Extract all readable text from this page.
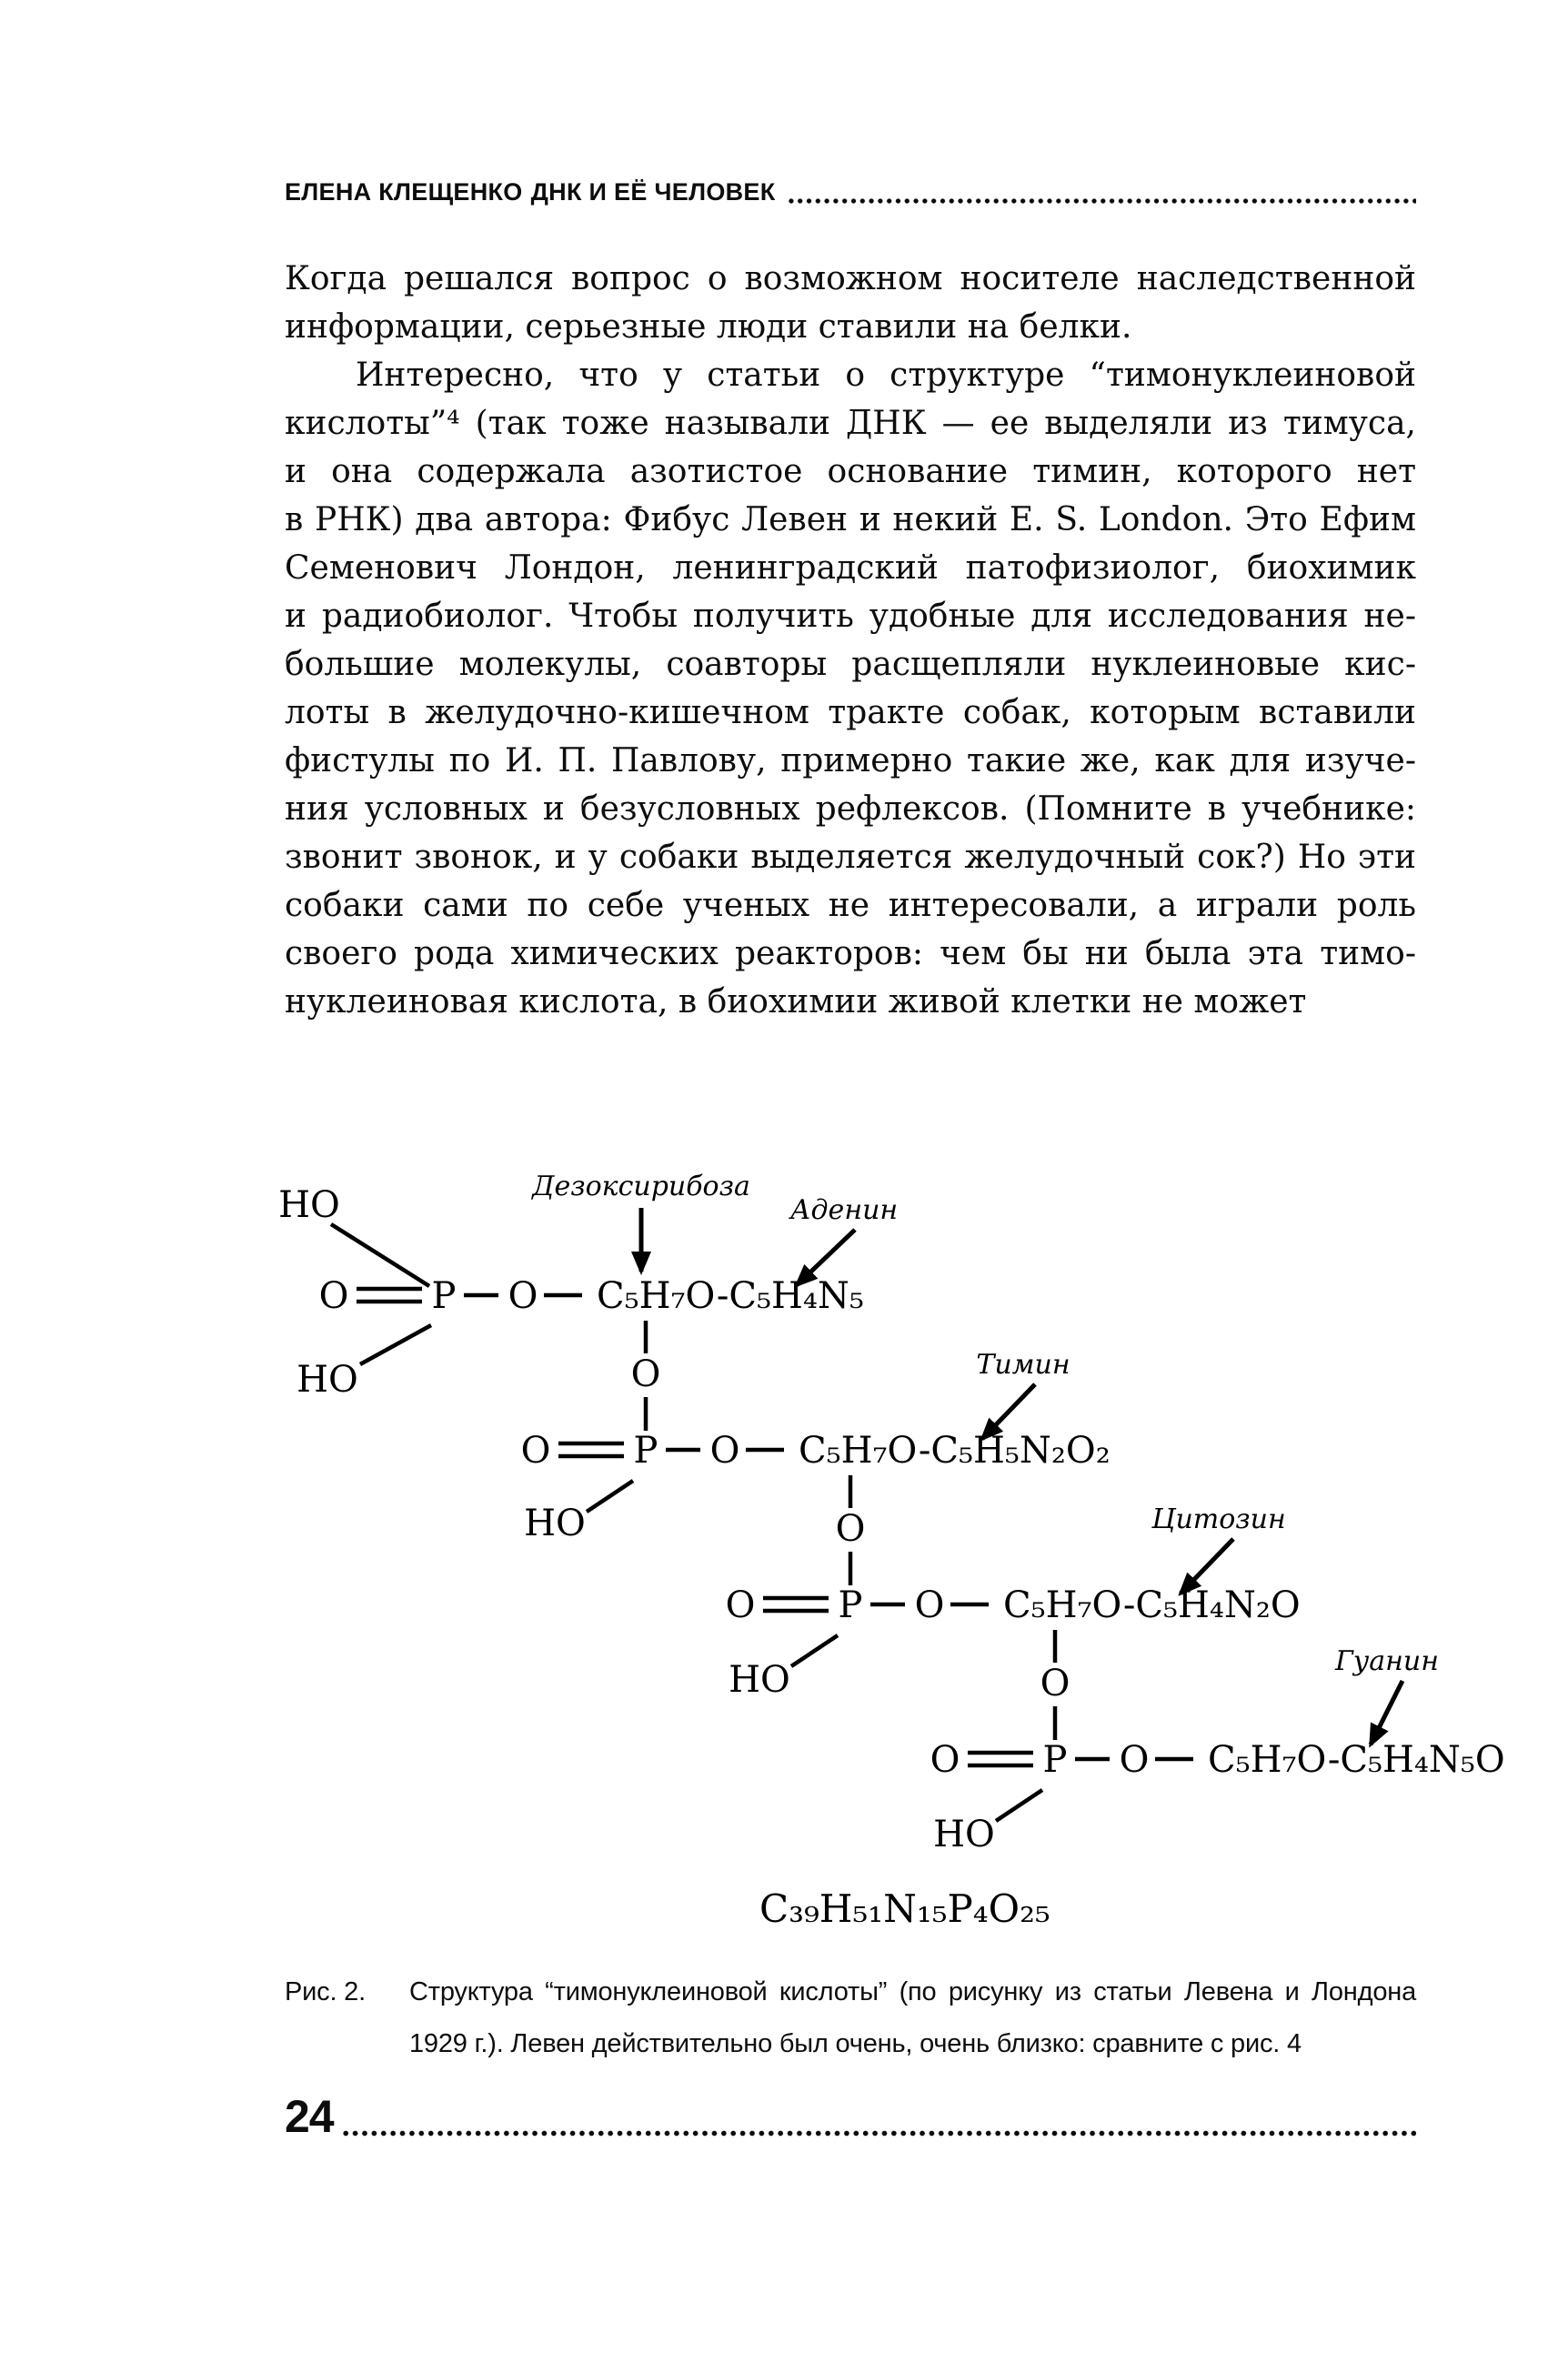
ЕЛЕНА КЛЕЩЕНКО ДНК И ЕЁ ЧЕЛОВЕК
Когда решался вопрос о возможном носителе наследственной
информации, серьезные люди ставили на белки.
Интересно, что у статьи о структуре “тимонуклеиновой
кислоты”⁴ (так тоже называли ДНК — ее выделяли из тимуса,
и она содержала азотистое основание тимин, которого нет
в РНК) два автора: Фибус Левен и некий E. S. London. Это Ефим
Семенович Лондон, ленинградский патофизиолог, биохимик
и радиобиолог. Чтобы получить удобные для исследования не-
большие молекулы, соавторы расщепляли нуклеиновые кис-
лоты в желудочно-кишечном тракте собак, которым вставили
фистулы по И. П. Павлову, примерно такие же, как для изуче-
ния условных и безусловных рефлексов. (Помните в учебнике:
звонит звонок, и у собаки выделяется желудочный сок?) Но эти
собаки сами по себе ученых не интересовали, а играли роль
своего рода химических реакторов: чем бы ни была эта тимо-
нуклеиновая кислота, в биохимии живой клетки не может
HO
HO
O P O C₅H₇O-C₅H₄N₅
O
Дезоксирибоза
Аденин
O P O C₅H₇O-C₅H₅N₂O₂
HO	O
Тимин
O P O C₅H₇O-C₅H₄N₂O
HO	O
Цитозин
O P O C₅H₇O-C₅H₄N₅O
HO
Гуанин
C₃₉H₅₁N₁₅P₄O₂₅
Рис. 2.	Структура “тимонуклеиновой кислоты” (по рисунку из статьи Левена и Лондона
1929 г.). Левен действительно был очень, очень близко: сравните с рис. 4
24
